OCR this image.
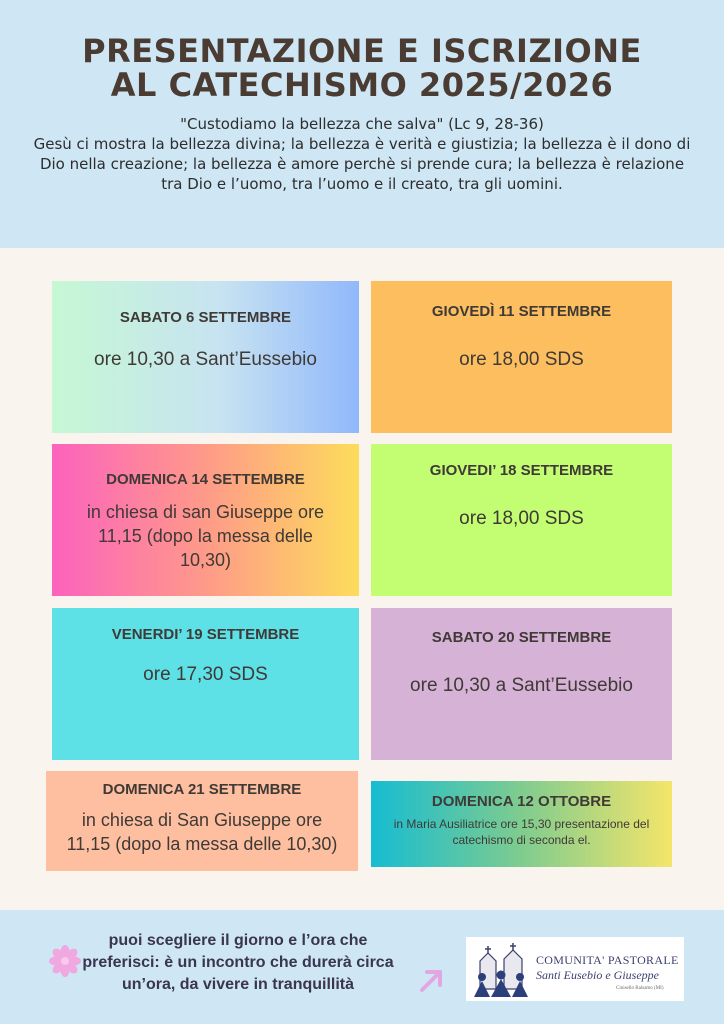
PRESENTAZIONE E ISCRIZIONE
AL CATECHISMO 2025/2026
"Custodiamo la bellezza che salva" (Lc 9, 28-36)
Gesù ci mostra la bellezza divina; la bellezza è verità e giustizia; la bellezza è il dono di Dio nella creazione; la bellezza è amore perchè si prende cura; la bellezza è relazione tra Dio e l’uomo, tra l’uomo e il creato, tra gli uomini.
SABATO 6 SETTEMBRE
ore 10,30 a Sant’Eussebio
GIOVEDÌ 11 SETTEMBRE
ore 18,00 SDS
DOMENICA 14 SETTEMBRE
in chiesa di san Giuseppe ore 11,15 (dopo la messa delle 10,30)
GIOVEDI’ 18 SETTEMBRE
ore 18,00 SDS
VENERDI’ 19 SETTEMBRE
ore 17,30 SDS
SABATO 20 SETTEMBRE
ore 10,30 a Sant’Eussebio
DOMENICA 21 SETTEMBRE
in chiesa di San Giuseppe ore 11,15 (dopo la messa delle 10,30)
DOMENICA 12 OTTOBRE
in Maria Ausiliatrice ore 15,30 presentazione del catechismo di seconda el.
puoi scegliere il giorno e l’ora che preferisci: è un incontro che durerà circa un’ora, da vivere in tranquillità
COMUNITA' PASTORALE
Santi Eusebio e Giuseppe
Cinisello Balsamo (MI)
